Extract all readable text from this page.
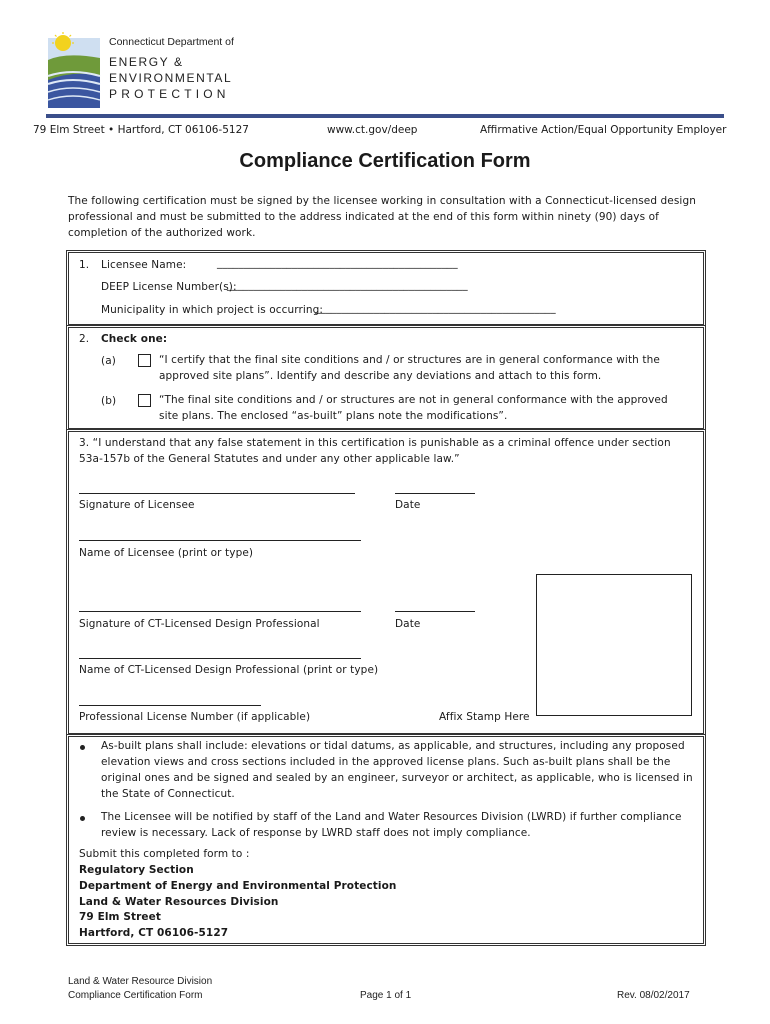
Connecticut Department of
ENERGY &
ENVIRONMENTAL
PROTECTION
79 Elm Street • Hartford, CT 06106-5127	www.ct.gov/deep	Affirmative Action/Equal Opportunity Employer
Compliance Certification Form
The following certification must be signed by the licensee working in consultation with a Connecticut-licensed design professional and must be submitted to the address indicated at the end of this form within ninety (90) days of completion of the authorized work.
1. Licensee Name:	_____________________________________________
DEEP License Number(s):
_____________________________________________
Municipality in which project is occurring:
_____________________________________________
2. Check one:
(a)	“I certify that the final site conditions and / or structures are in general conformance with the approved site plans”. Identify and describe any deviations and attach to this form.
(b)	“The final site conditions and / or structures are not in general conformance with the approved site plans. The enclosed “as-built” plans note the modifications”.
3. “I understand that any false statement in this certification is punishable as a criminal offence under section 53a-157b of the General Statutes and under any other applicable law.”
Signature of Licensee	Date
Name of Licensee (print or type)
Signature of CT-Licensed Design Professional	Date
Name of CT-Licensed Design Professional (print or type)
Professional License Number (if applicable)	Affix Stamp Here
As-built plans shall include: elevations or tidal datums, as applicable, and structures, including any proposed elevation views and cross sections included in the approved license plans. Such as-built plans shall be the original ones and be signed and sealed by an engineer, surveyor or architect, as applicable, who is licensed in the State of Connecticut.
The Licensee will be notified by staff of the Land and Water Resources Division (LWRD) if further compliance review is necessary. Lack of response by LWRD staff does not imply compliance.
Submit this completed form to :
Regulatory Section
Department of Energy and Environmental Protection
Land & Water Resources Division
79 Elm Street
Hartford, CT 06106-5127
Land & Water Resource Division
Compliance Certification Form	Page 1 of 1	Rev. 08/02/2017
